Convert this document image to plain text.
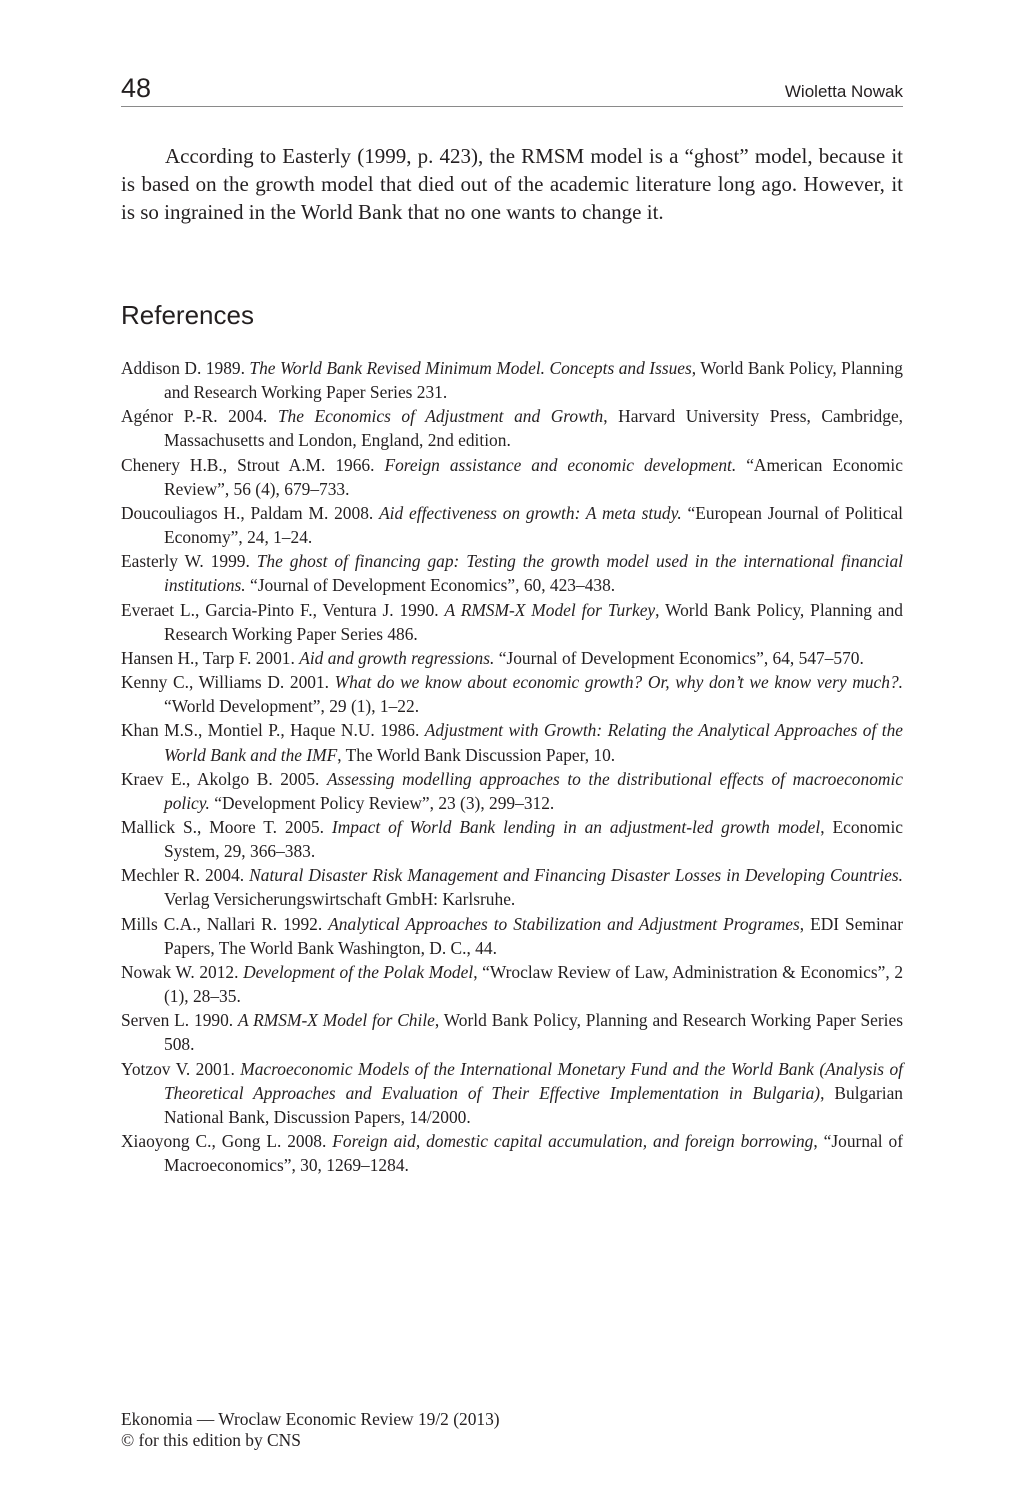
48	Wioletta Nowak

According to Easterly (1999, p. 423), the RMSM model is a “ghost” model, because it is based on the growth model that died out of the academic literature long ago. However, it is so ingrained in the World Bank that no one wants to change it.

References
Addison D. 1989. The World Bank Revised Minimum Model. Concepts and Issues, World Bank Policy, Planning and Research Working Paper Series 231.
Agénor P.-R. 2004. The Economics of Adjustment and Growth, Harvard University Press, Cambridge, Massachusetts and London, England, 2nd edition.
Chenery H.B., Strout A.M. 1966. Foreign assistance and economic development. “American Economic Review”, 56 (4), 679–733.
Doucouliagos H., Paldam M. 2008. Aid effectiveness on growth: A meta study. “European Journal of Political Economy”, 24, 1–24.
Easterly W. 1999. The ghost of financing gap: Testing the growth model used in the international financial institutions. “Journal of Development Economics”, 60, 423–438.
Everaet L., Garcia-Pinto F., Ventura J. 1990. A RMSM-X Model for Turkey, World Bank Policy, Planning and Research Working Paper Series 486.
Hansen H., Tarp F. 2001. Aid and growth regressions. “Journal of Development Economics”, 64, 547–570.
Kenny C., Williams D. 2001. What do we know about economic growth? Or, why don’t we know very much?. “World Development”, 29 (1), 1–22.
Khan M.S., Montiel P., Haque N.U. 1986. Adjustment with Growth: Relating the Analytical Approaches of the World Bank and the IMF, The World Bank Discussion Paper, 10.
Kraev E., Akolgo B. 2005. Assessing modelling approaches to the distributional effects of macroeconomic policy. “Development Policy Review”, 23 (3), 299–312.
Mallick S., Moore T. 2005. Impact of World Bank lending in an adjustment-led growth model, Economic System, 29, 366–383.
Mechler R. 2004. Natural Disaster Risk Management and Financing Disaster Losses in Developing Countries. Verlag Versicherungswirtschaft GmbH: Karlsruhe.
Mills C.A., Nallari R. 1992. Analytical Approaches to Stabilization and Adjustment Programes, EDI Seminar Papers, The World Bank Washington, D. C., 44.
Nowak W. 2012. Development of the Polak Model, “Wroclaw Review of Law, Administration & Economics”, 2 (1), 28–35.
Serven L. 1990. A RMSM-X Model for Chile, World Bank Policy, Planning and Research Working Paper Series 508.
Yotzov V. 2001. Macroeconomic Models of the International Monetary Fund and the World Bank (Analysis of Theoretical Approaches and Evaluation of Their Effective Implementation in Bulgaria), Bulgarian National Bank, Discussion Papers, 14/2000.
Xiaoyong C., Gong L. 2008. Foreign aid, domestic capital accumulation, and foreign borrowing, “Journal of Macroeconomics”, 30, 1269–1284.
Ekonomia — Wroclaw Economic Review 19/2 (2013)
© for this edition by CNS
